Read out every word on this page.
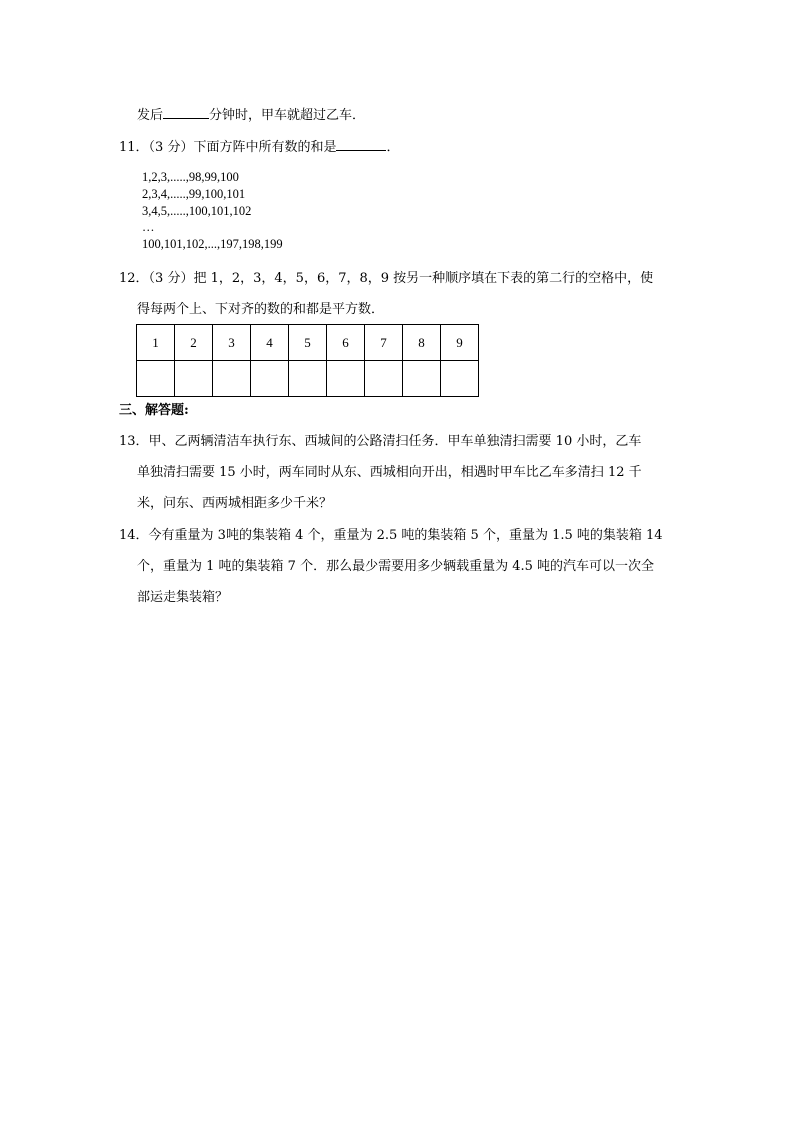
发后	分钟时，甲车就超过乙车．
11．（3 分）下面方阵中所有数的和是	．
1,2,3,.....,98,99,100
2,3,4,.....,99,100,101
3,4,5,.....,100,101,102
…
100,101,102,...,197,198,199
12．（3 分）把 1，2，3，4，5，6，7，8，9 按另一种顺序填在下表的第二行的空格中，使
得每两个上、下对齐的数的和都是平方数．
1	2	3	4	5	6	7	8	9

三、解答题:
13．甲、乙两辆清洁车执行东、西城间的公路清扫任务．甲车单独清扫需要 10 小时，乙车
单独清扫需要 15 小时，两车同时从东、西城相向开出，相遇时甲车比乙车多清扫 12 千
米，问东、西两城相距多少千米？
14．今有重量为 3吨的集装箱 4 个，重量为 2.5 吨的集装箱 5 个，重量为 1.5 吨的集装箱 14
个，重量为 1 吨的集装箱 7 个．那么最少需要用多少辆载重量为 4.5 吨的汽车可以一次全
部运走集装箱？
